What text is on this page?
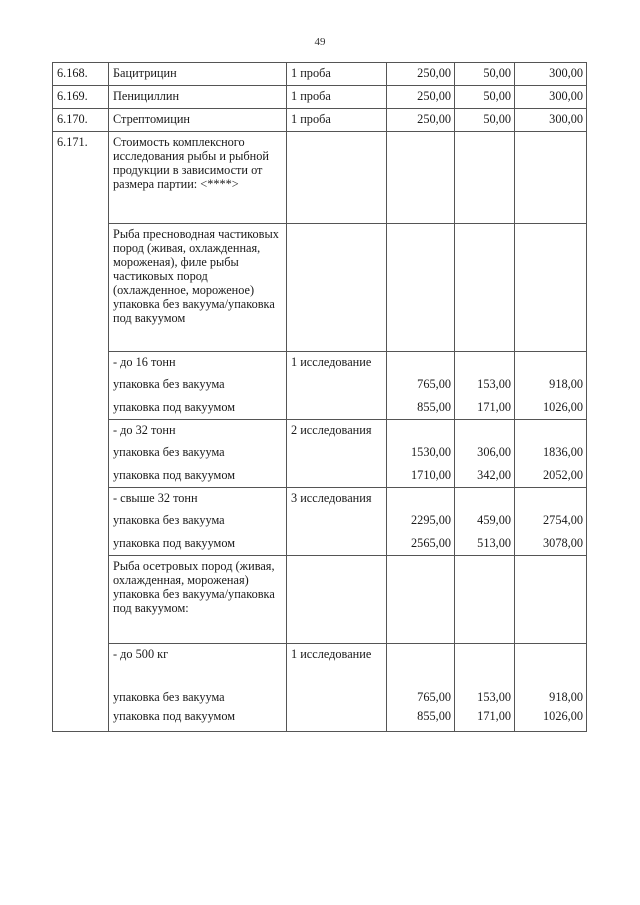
49
6.168.	Бацитрицин	1 проба	250,00	50,00	300,00
6.169.	Пенициллин	1 проба	250,00	50,00	300,00
6.170.	Стрептомицин	1 проба	250,00	50,00	300,00
6.171.	Стоимость комплексного исследования рыбы и рыбной продукции в зависимости от размера партии: <****>				
	Рыба пресноводная частиковых пород (живая, охлажденная, мороженая), филе рыбы частиковых пород (охлажденное, мороженое) упаковка без вакуума/упаковка под вакуумом				
	- до 16 тонн	1 исследование			
	упаковка без вакуума		765,00	153,00	918,00
	упаковка под вакуумом		855,00	171,00	1026,00
	- до 32 тонн	2 исследования			
	упаковка без вакуума		1530,00	306,00	1836,00
	упаковка под вакуумом		1710,00	342,00	2052,00
	- свыше 32 тонн	3 исследования			
	упаковка без вакуума		2295,00	459,00	2754,00
	упаковка под вакуумом		2565,00	513,00	3078,00
	Рыба осетровых пород (живая, охлажденная, мороженая) упаковка без вакуума/упаковка под вакуумом:				
	- до 500 кг	1 исследование			
	упаковка без вакуума		765,00	153,00	918,00
	упаковка под вакуумом		855,00	171,00	1026,00
